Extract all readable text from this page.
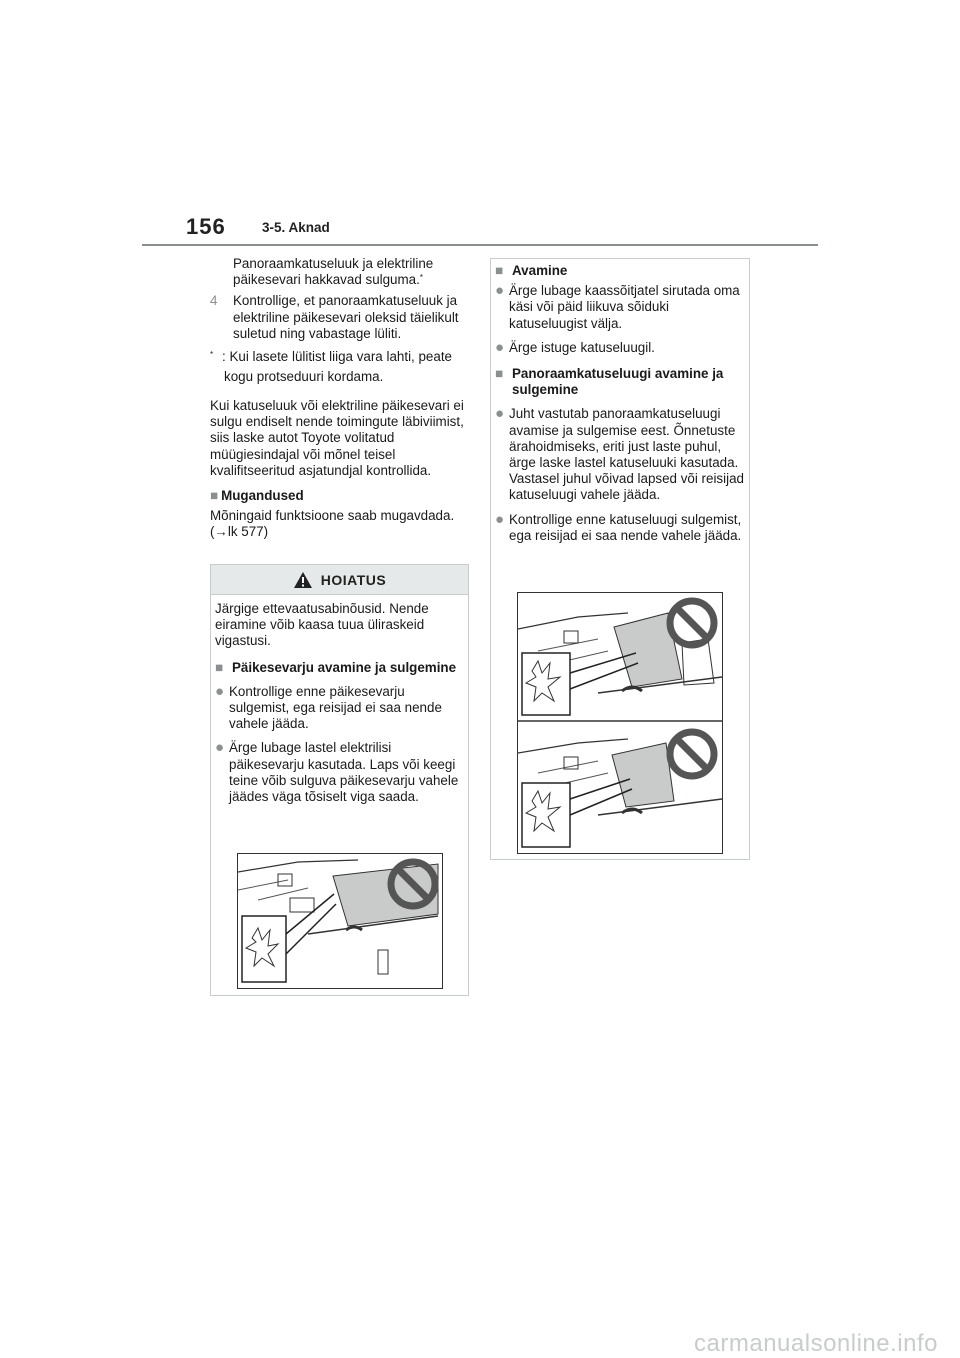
156	3-5. Aknad

Panoraamkatuseluuk ja elektriline päikesevari hakkavad sulguma.*

4	Kontrollige, et panoraamkatuseluuk ja elektriline päikesevari oleksid täielikult suletud ning vabastage lüliti.
* : Kui lasete lülitist liiga vara lahti, peate

kogu protseduuri kordama.

Kui katuseluuk või elektriline päikesevari ei sulgu endiselt nende toimingute läbiviimist, siis laske autot Toyote volitatud müügiesindajal või mõnel teisel kvalifitseeritud asjatundjal kontrollida.

■ Mugandused

Mõningaid funktsioone saab mugavdada. (→lk 577)

HOIATUS

Järgige ettevaatusabinõusid. Nende eiramine võib kaasa tuua üliraskeid vigastusi.

■ Päikesevarju avamine ja sulgemine

● Kontrollige enne päikesevarju sulgemist, ega reisijad ei saa nende vahele jääda.

● Ärge lubage lastel elektrilisi päikesevarju kasutada. Laps või keegi teine võib sulguva päikesevarju vahele jäädes väga tõsiselt viga saada.

■ Avamine

● Ärge lubage kaassõitjatel sirutada oma käsi või päid liikuva sõiduki katuseluugist välja.

● Ärge istuge katuseluugil.

■ Panoraamkatuseluugi avamine ja sulgemine

● Juht vastutab panoraamkatuseluugi avamise ja sulgemise eest. Õnnetuste ärahoidmiseks, eriti just laste puhul, ärge laske lastel katuseluuki kasutada. Vastasel juhul võivad lapsed või reisijad katuseluugi vahele jääda.

● Kontrollige enne katuseluugi sulgemist, ega reisijad ei saa nende vahele jääda.

carmanualsonline.info
